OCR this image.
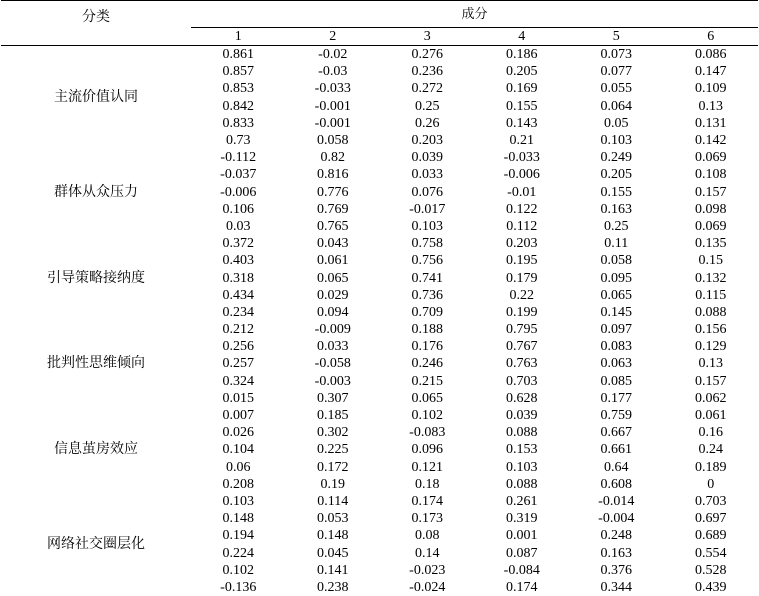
分类	成分					
	1	2	3	4	5	6
主流价值认同	0.861	-0.02	0.276	0.186	0.073	0.086
	0.857	-0.03	0.236	0.205	0.077	0.147
	0.853	-0.033	0.272	0.169	0.055	0.109
	0.842	-0.001	0.25	0.155	0.064	0.13
	0.833	-0.001	0.26	0.143	0.05	0.131
	0.73	0.058	0.203	0.21	0.103	0.142
群体从众压力	-0.112	0.82	0.039	-0.033	0.249	0.069
	-0.037	0.816	0.033	-0.006	0.205	0.108
	-0.006	0.776	0.076	-0.01	0.155	0.157
	0.106	0.769	-0.017	0.122	0.163	0.098
	0.03	0.765	0.103	0.112	0.25	0.069
引导策略接纳度	0.372	0.043	0.758	0.203	0.11	0.135
	0.403	0.061	0.756	0.195	0.058	0.15
	0.318	0.065	0.741	0.179	0.095	0.132
	0.434	0.029	0.736	0.22	0.065	0.115
	0.234	0.094	0.709	0.199	0.145	0.088
批判性思维倾向	0.212	-0.009	0.188	0.795	0.097	0.156
	0.256	0.033	0.176	0.767	0.083	0.129
	0.257	-0.058	0.246	0.763	0.063	0.13
	0.324	-0.003	0.215	0.703	0.085	0.157
	0.015	0.307	0.065	0.628	0.177	0.062
信息茧房效应	0.007	0.185	0.102	0.039	0.759	0.061
	0.026	0.302	-0.083	0.088	0.667	0.16
	0.104	0.225	0.096	0.153	0.661	0.24
	0.06	0.172	0.121	0.103	0.64	0.189
	0.208	0.19	0.18	0.088	0.608	0
网络社交圈层化	0.103	0.114	0.174	0.261	-0.014	0.703
	0.148	0.053	0.173	0.319	-0.004	0.697
	0.194	0.148	0.08	0.001	0.248	0.689
	0.224	0.045	0.14	0.087	0.163	0.554
	0.102	0.141	-0.023	-0.084	0.376	0.528
	-0.136	0.238	-0.024	0.174	0.344	0.439
